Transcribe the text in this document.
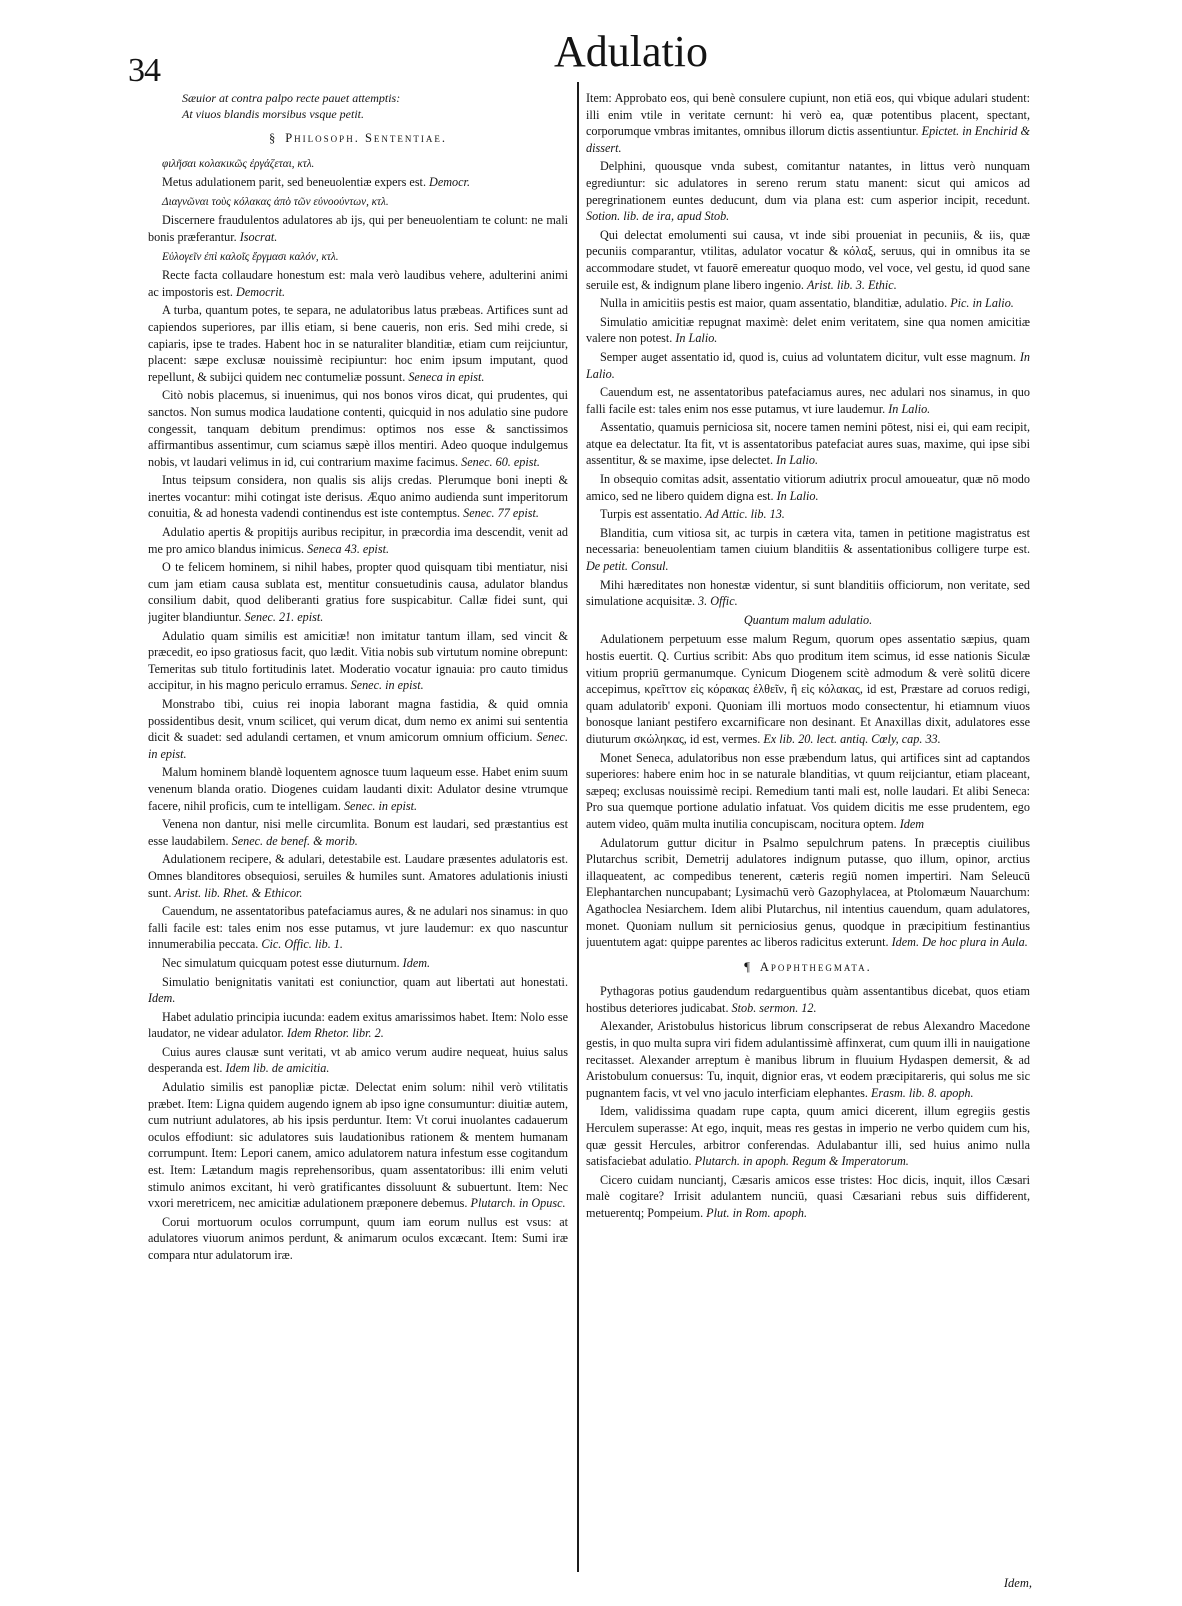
34	Adulatio
Sæuior at contra palpo recte pauet attemptis:
At viuos blandis morsibus vsque petit.
§ Philosoph. Sententiae.

φιλῆσαι κολακικῶς ἐργάζεται, κτλ.

Metus adulationem parit, sed beneuolentiæ expers est. Democr.

Διαγνῶναι τοὺς κόλακας ἀπὸ τῶν εὐνοούντων, κτλ.

Discernere fraudulentos adulatores ab ijs, qui per beneuolentiam te colunt: ne mali bonis præferantur. Isocrat.

Εὐλογεῖν ἐπὶ καλοῖς ἔργμασι καλόν, κτλ.

Recte facta collaudare honestum est: mala verò laudibus vehere, adulterini animi ac impostoris est. Democrit.

A turba, quantum potes, te separa, ne adulatoribus latus præbeas. Artifices sunt ad capiendos superiores, par illis etiam, si bene caueris, non eris. Sed mihi crede, si capiaris, ipse te trades. Habent hoc in se naturaliter blanditiæ, etiam cum reijciuntur, placent: sæpe exclusæ nouissimè recipiuntur: hoc enim ipsum imputant, quod repellunt, & subijci quidem nec contumeliæ possunt. Seneca in epist.

Citò nobis placemus, si inuenimus, qui nos bonos viros dicat, qui prudentes, qui sanctos. Non sumus modica laudatione contenti, quicquid in nos adulatio sine pudore congessit, tanquam debitum prendimus: optimos nos esse & sanctissimos affirmantibus assentimur, cum sciamus sæpè illos mentiri. Adeo quoque indulgemus nobis, vt laudari velimus in id, cui contrarium maxime facimus. Senec. 60. epist.

Intus teipsum considera, non qualis sis alijs credas. Plerumque boni inepti & inertes vocantur: mihi cotingat iste derisus. Æquo animo audienda sunt imperitorum conuitia, & ad honesta vadendi continendus est iste contemptus. Senec. 77 epist.

Adulatio apertis & propitijs auribus recipitur, in præcordia ima descendit, venit ad me pro amico blandus inimicus. Seneca 43. epist.

O te felicem hominem, si nihil habes, propter quod quisquam tibi mentiatur, nisi cum jam etiam causa sublata est, mentitur consuetudinis causa, adulator blandus consilium dabit, quod deliberanti gratius fore suspicabitur. Callæ fidei sunt, qui jugiter blandiuntur. Senec. 21. epist.

Adulatio quam similis est amicitiæ! non imitatur tantum illam, sed vincit & præcedit, eo ipso gratiosus facit, quo lædit. Vitia nobis sub virtutum nomine obrepunt: Temeritas sub titulo fortitudinis latet. Moderatio vocatur ignauia: pro cauto timidus accipitur, in his magno periculo erramus. Senec. in epist.

Monstrabo tibi, cuius rei inopia laborant magna fastidia, & quid omnia possidentibus desit, vnum scilicet, qui verum dicat, dum nemo ex animi sui sententia dicit & suadet: sed adulandi certamen, et vnum amicorum omnium officium. Senec. in epist.

Malum hominem blandè loquentem agnosce tuum laqueum esse. Habet enim suum venenum blanda oratio. Diogenes cuidam laudanti dixit: Adulator desine vtrumque facere, nihil proficis, cum te intelligam. Senec. in epist.

Venena non dantur, nisi melle circumlita. Bonum est laudari, sed præstantius est esse laudabilem. Senec. de benef. & morib.

Adulationem recipere, & adulari, detestabile est. Laudare præsentes adulatoris est. Omnes blanditores obsequiosi, seruiles & humiles sunt. Amatores adulationis iniusti sunt. Arist. lib. Rhet. & Ethicor.

Cauendum, ne assentatoribus patefaciamus aures, & ne adulari nos sinamus: in quo falli facile est: tales enim nos esse putamus, vt jure laudemur: ex quo nascuntur innumerabilia peccata. Cic. Offic. lib. 1.

Nec simulatum quicquam potest esse diuturnum. Idem.

Simulatio benignitatis vanitati est coniunctior, quam aut libertati aut honestati. Idem.

Habet adulatio principia iucunda: eadem exitus amarissimos habet. Item: Nolo esse laudator, ne videar adulator. Idem Rhetor. libr. 2.

Cuius aures clausæ sunt veritati, vt ab amico verum audire nequeat, huius salus desperanda est. Idem lib. de amicitia.

Adulatio similis est panopliæ pictæ. Delectat enim solum: nihil verò vtilitatis præbet. Item: Ligna quidem augendo ignem ab ipso igne consumuntur: diuitiæ autem, cum nutriunt adulatores, ab his ipsis perduntur. Item: Vt corui inuolantes cadauerum oculos effodiunt: sic adulatores suis laudationibus rationem & mentem humanam corrumpunt. Item: Lepori canem, amico adulatorem natura infestum esse cogitandum est. Item: Lætandum magis reprehensoribus, quam assentatoribus: illi enim veluti stimulo animos excitant, hi verò gratificantes dissoluunt & subuertunt. Item: Nec vxori meretricem, nec amicitiæ adulationem præponere debemus. Plutarch. in Opusc.

Corui mortuorum oculos corrumpunt, quum iam eorum nullus est vsus: at adulatores viuorum animos perdunt, & animarum oculos excæcant. Item: Sumi iræ compara ntur adulatorum iræ.

Item: Approbato eos, qui benè consulere cupiunt, non etiā eos, qui vbique adulari student: illi enim vtile in veritate cernunt: hi verò ea, quæ potentibus placent, spectant, corporumque vmbras imitantes, omnibus illorum dictis assentiuntur. Epictet. in Enchirid & dissert.

Delphini, quousque vnda subest, comitantur natantes, in littus verò nunquam egrediuntur: sic adulatores in sereno rerum statu manent: sicut qui amicos ad peregrinationem euntes deducunt, dum via plana est: cum asperior incipit, recedunt. Sotion. lib. de ira, apud Stob.

Qui delectat emolumenti sui causa, vt inde sibi proueniat in pecuniis, & iis, quæ pecuniis comparantur, vtilitas, adulator vocatur & κόλαξ, seruus, qui in omnibus ita se accommodare studet, vt fauorē emereatur quoquo modo, vel voce, vel gestu, id quod sane seruile est, & indignum plane libero ingenio. Arist. lib. 3. Ethic.

Nulla in amicitiis pestis est maior, quam assentatio, blanditiæ, adulatio. Pic. in Lalio.

Simulatio amicitiæ repugnat maximè: delet enim veritatem, sine qua nomen amicitiæ valere non potest. In Lalio.

Semper auget assentatio id, quod is, cuius ad voluntatem dicitur, vult esse magnum. In Lalio.

Cauendum est, ne assentatoribus patefaciamus aures, nec adulari nos sinamus, in quo falli facile est: tales enim nos esse putamus, vt iure laudemur. In Lalio.

Assentatio, quamuis perniciosa sit, nocere tamen nemini pōtest, nisi ei, qui eam recipit, atque ea delectatur. Ita fit, vt is assentatoribus patefaciat aures suas, maxime, qui ipse sibi assentitur, & se maxime, ipse delectet. In Lalio.

In obsequio comitas adsit, assentatio vitiorum adiutrix procul amoueatur, quæ nō modo amico, sed ne libero quidem digna est. In Lalio.

Turpis est assentatio. Ad Attic. lib. 13.

Blanditia, cum vitiosa sit, ac turpis in cætera vita, tamen in petitione magistratus est necessaria: beneuolentiam tamen ciuium blanditiis & assentationibus colligere turpe est. De petit. Consul.

Mihi hæreditates non honestæ videntur, si sunt blanditiis officiorum, non veritate, sed simulatione acquisitæ. 3. Offic.

Quantum malum adulatio.

Adulationem perpetuum esse malum Regum, quorum opes assentatio sæpius, quam hostis euertit. Q. Curtius scribit: Abs quo proditum item scimus, id esse nationis Siculæ vitium propriū germanumque. Cynicum Diogenem scitè admodum & verè solitū dicere accepimus, κρεῖττον εἰς κόρακας ἐλθεῖν, ἢ εἰς κόλακας, id est, Præstare ad coruos redigi, quam adulatorib' exponi. Quoniam illi mortuos modo consectentur, hi etiamnum viuos bonosque laniant pestifero excarnificare non desinant. Et Anaxillas dixit, adulatores esse diuturum σκώληκας, id est, vermes. Ex lib. 20. lect. antiq. Cœly, cap. 33.

Monet Seneca, adulatoribus non esse præbendum latus, qui artifices sint ad captandos superiores: habere enim hoc in se naturale blanditias, vt quum reijciantur, etiam placeant, sæpeq; exclusas nouissimè recipi. Remedium tanti mali est, nolle laudari. Et alibi Seneca: Pro sua quemque portione adulatio infatuat. Vos quidem dicitis me esse prudentem, ego autem video, quām multa inutilia concupiscam, nocitura optem. Idem

Adulatorum guttur dicitur in Psalmo sepulchrum patens. In præceptis ciuilibus Plutarchus scribit, Demetrij adulatores indignum putasse, quo illum, opinor, arctius illaqueatent, ac compedibus tenerent, cæteris regiū nomen impertiri. Nam Seleucū Elephantarchen nuncupabant; Lysimachū verò Gazophylacea, at Ptolomæum Nauarchum: Agathoclea Nesiarchem. Idem alibi Plutarchus, nil intentius cauendum, quam adulatores, monet. Quoniam nullum sit perniciosius genus, quodque in præcipitium festinantius juuentutem agat: quippe parentes ac liberos radicitus exterunt. Idem. De hoc plura in Aula.

¶ Apophthegmata.

Pythagoras potius gaudendum redarguentibus quàm assentantibus dicebat, quos etiam hostibus deteriores judicabat. Stob. sermon. 12.

Alexander, Aristobulus historicus librum conscripserat de rebus Alexandro Macedone gestis, in quo multa supra viri fidem adulantissimè affinxerat, cum quum illi in nauigatione recitasset. Alexander arreptum è manibus librum in fluuium Hydaspen demersit, & ad Aristobulum conuersus: Tu, inquit, dignior eras, vt eodem præcipitareris, qui solus me sic pugnantem facis, vt vel vno jaculo interficiam elephantes. Erasm. lib. 8. apoph.

Idem, validissima quadam rupe capta, quum amici dicerent, illum egregiis gestis Herculem superasse: At ego, inquit, meas res gestas in imperio ne verbo quidem cum his, quæ gessit Hercules, arbitror conferendas. Adulabantur illi, sed huius animo nulla satisfaciebat adulatio. Plutarch. in apoph. Regum & Imperatorum.

Cicero cuidam nunciantj, Cæsaris amicos esse tristes: Hoc dicis, inquit, illos Cæsari malè cogitare? Irrisit adulantem nunciū, quasi Cæsariani rebus suis diffiderent, metuerentq; Pompeium. Plut. in Rom. apoph.

Idem,
